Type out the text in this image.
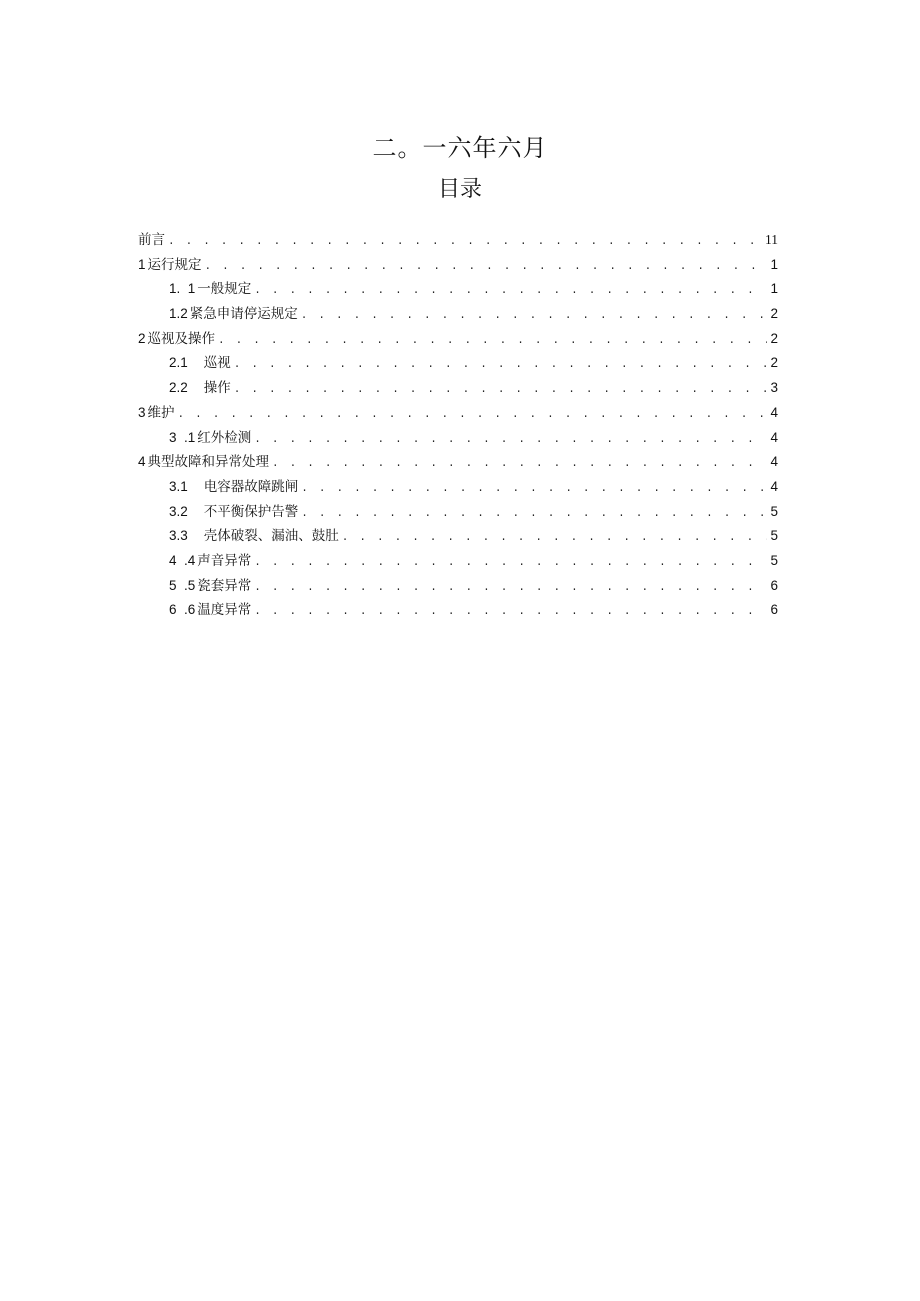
二。一六年六月
目录
前言 . . .	11
1 运行规定 . . .	1
1.  1 一般规定 . . .	1
1.2 紧急申请停运规定 . . .	2
2 巡视及操作 . . .	2
2.1 巡视 . . .	2
2.2 操作 . . .	3
3 维护 . . .	4
3  .1 红外检测 . . .	4
4 典型故障和异常处理 . . .	4
3.1 电容器故障跳闸 . . .	4
3.2 不平衡保护告警 . . .	5
3.3 壳体破裂、漏油、鼓肚 . . .	5
4  .4 声音异常 . . .	5
5  .5 瓷套异常 . . .	6
6  .6 温度异常 . . .	6
